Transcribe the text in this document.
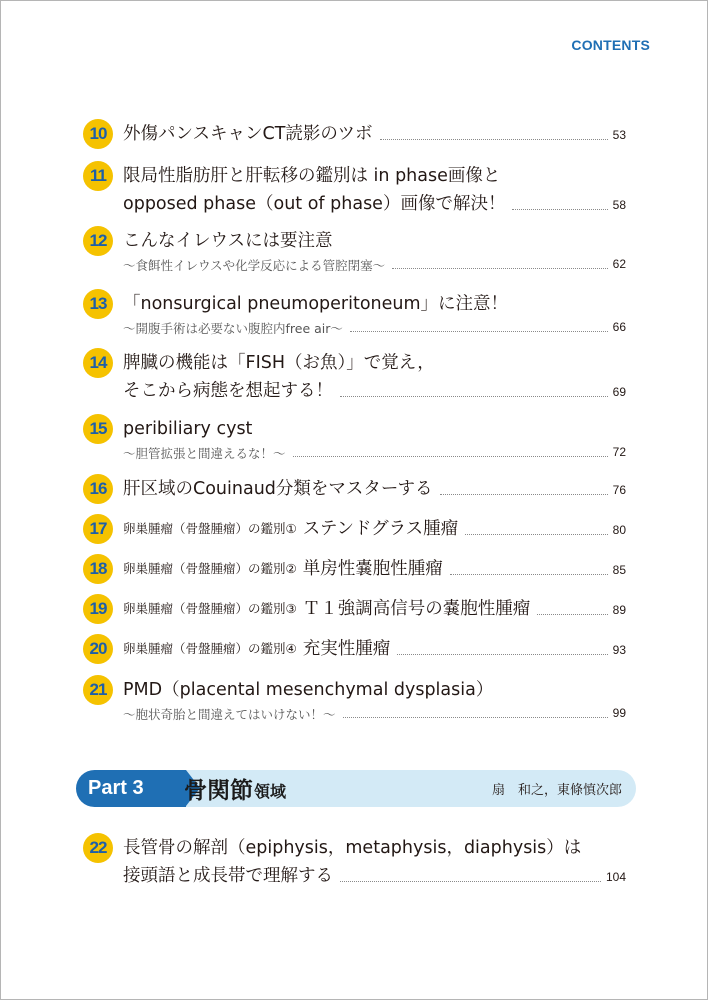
CONTENTS
10 外傷パンスキャンCT読影のツボ	53
11 限局性脂肪肝と肝転移の鑑別は in phase画像と
opposed phase（out of phase）画像で解決！	58
12 こんなイレウスには要注意
〜食餌性イレウスや化学反応による管腔閉塞〜	62
13 「nonsurgical pneumoperitoneum」に注意！
〜開腹手術は必要ない腹腔内free air〜	66
14 脾臓の機能は「FISH（お魚）」で覚え，
そこから病態を想起する！	69
15 peribiliary cyst
〜胆管拡張と間違えるな！〜	72
16 肝区域のCouinaud分類をマスターする	76
17	卵巣腫瘤（骨盤腫瘤）の鑑別① ステンドグラス腫瘤	80
18	卵巣腫瘤（骨盤腫瘤）の鑑別② 単房性嚢胞性腫瘤	85
19	卵巣腫瘤（骨盤腫瘤）の鑑別③ Ｔ１強調高信号の嚢胞性腫瘤	89
20	卵巣腫瘤（骨盤腫瘤）の鑑別④ 充実性腫瘤	93
21 PMD（placental mesenchymal dysplasia）
〜胞状奇胎と間違えてはいけない！〜	99
Part 3	骨関節 領域	扇　和之，東條慎次郎
22 長管骨の解剖（epiphysis，metaphysis，diaphysis）は
接頭語と成長帯で理解する	104
